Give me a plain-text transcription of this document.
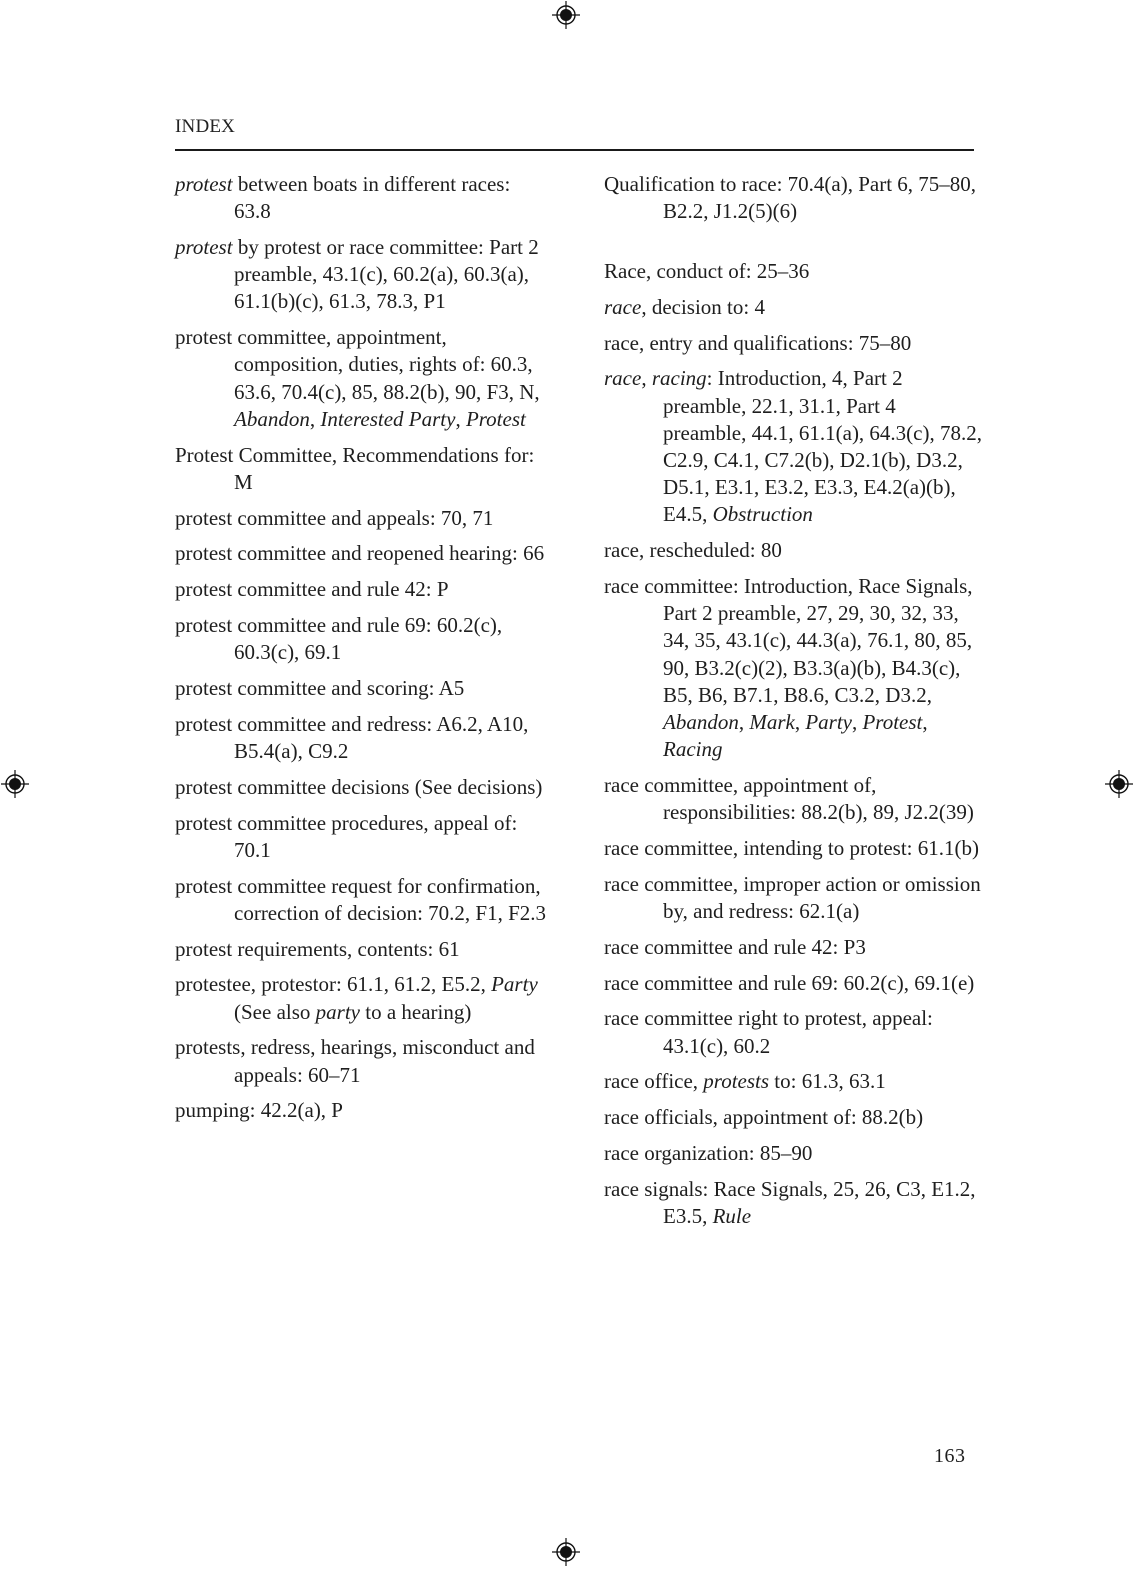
INDEX

protest between boats in different races: 63.8

protest by protest or race committee: Part 2 preamble, 43.1(c), 60.2(a), 60.3(a), 61.1(b)(c), 61.3, 78.3, P1

protest committee, appointment, composition, duties, rights of: 60.3, 63.6, 70.4(c), 85, 88.2(b), 90, F3, N, Abandon, Interested Party, Protest

Protest Committee, Recommendations for: M

protest committee and appeals: 70, 71

protest committee and reopened hearing: 66

protest committee and rule 42: P

protest committee and rule 69: 60.2(c), 60.3(c), 69.1

protest committee and scoring: A5

protest committee and redress: A6.2, A10, B5.4(a), C9.2

protest committee decisions (See decisions)

protest committee procedures, appeal of: 70.1

protest committee request for confirmation, correction of decision: 70.2, F1, F2.3

protest requirements, contents: 61

protestee, protestor: 61.1, 61.2, E5.2, Party (See also party to a hearing)

protests, redress, hearings, misconduct and appeals: 60–71

pumping: 42.2(a), P

Qualification to race: 70.4(a), Part 6, 75–80, B2.2, J1.2(5)(6)

Race, conduct of: 25–36

race, decision to: 4

race, entry and qualifications: 75–80

race, racing: Introduction, 4, Part 2 preamble, 22.1, 31.1, Part 4 preamble, 44.1, 61.1(a), 64.3(c), 78.2, C2.9, C4.1, C7.2(b), D2.1(b), D3.2, D5.1, E3.1, E3.2, E3.3, E4.2(a)(b), E4.5, Obstruction

race, rescheduled: 80

race committee: Introduction, Race Signals, Part 2 preamble, 27, 29, 30, 32, 33, 34, 35, 43.1(c), 44.3(a), 76.1, 80, 85, 90, B3.2(c)(2), B3.3(a)(b), B4.3(c), B5, B6, B7.1, B8.6, C3.2, D3.2, Abandon, Mark, Party, Protest, Racing

race committee, appointment of, responsibilities: 88.2(b), 89, J2.2(39)

race committee, intending to protest: 61.1(b)

race committee, improper action or omission by, and redress: 62.1(a)

race committee and rule 42: P3

race committee and rule 69: 60.2(c), 69.1(e)

race committee right to protest, appeal: 43.1(c), 60.2

race office, protests to: 61.3, 63.1

race officials, appointment of: 88.2(b)

race organization: 85–90

race signals: Race Signals, 25, 26, C3, E1.2, E3.5, Rule

163
